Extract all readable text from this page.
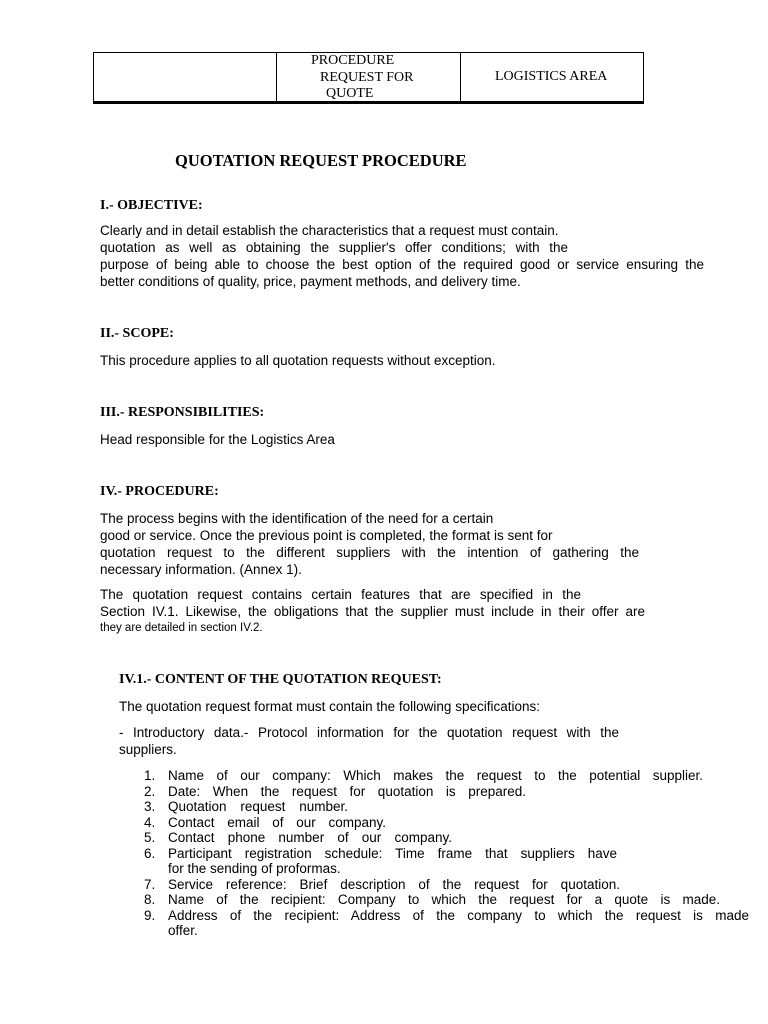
PROCEDURE
REQUEST FOR
QUOTE
LOGISTICS AREA
QUOTATION REQUEST PROCEDURE
I.- OBJECTIVE:
Clearly and in detail establish the characteristics that a request must contain.
quotation as well as obtaining the supplier's offer conditions; with the
purpose of being able to choose the best option of the required good or service ensuring the
better conditions of quality, price, payment methods, and delivery time.
II.- SCOPE:
This procedure applies to all quotation requests without exception.
III.- RESPONSIBILITIES:
Head responsible for the Logistics Area
IV.- PROCEDURE:
The process begins with the identification of the need for a certain
good or service. Once the previous point is completed, the format is sent for
quotation request to the different suppliers with the intention of gathering the
necessary information. (Annex 1).
The quotation request contains certain features that are specified in the
Section IV.1. Likewise, the obligations that the supplier must include in their offer are
they are detailed in section IV.2.
IV.1.- CONTENT OF THE QUOTATION REQUEST:
The quotation request format must contain the following specifications:
- Introductory data.- Protocol information for the quotation request with the
suppliers.
1. Name of our company: Which makes the request to the potential supplier.
2. Date: When the request for quotation is prepared.
3. Quotation request number.
4. Contact email of our company.
5. Contact phone number of our company.
6. Participant registration schedule: Time frame that suppliers have
for the sending of proformas.
7. Service reference: Brief description of the request for quotation.
8. Name of the recipient: Company to which the request for a quote is made.
9. Address of the recipient: Address of the company to which the request is made
offer.
